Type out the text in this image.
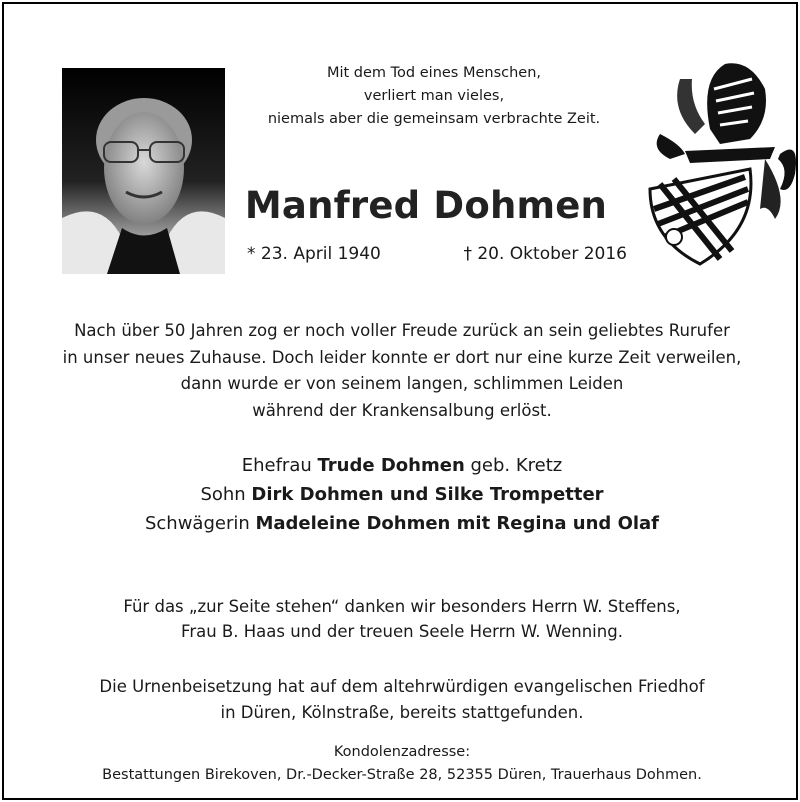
Mit dem Tod eines Menschen,
verliert man vieles,
niemals aber die gemeinsam verbrachte Zeit.
Manfred Dohmen
* 23. April 1940	† 20. Oktober 2016
Nach über 50 Jahren zog er noch voller Freude zurück an sein geliebtes Rurufer
in unser neues Zuhause. Doch leider konnte er dort nur eine kurze Zeit verweilen,
dann wurde er von seinem langen, schlimmen Leiden
während der Krankensalbung erlöst.
Ehefrau Trude Dohmen geb. Kretz
Sohn Dirk Dohmen und Silke Trompetter
Schwägerin Madeleine Dohmen mit Regina und Olaf
Für das „zur Seite stehen“ danken wir besonders Herrn W. Steffens,
Frau B. Haas und der treuen Seele Herrn W. Wenning.
Die Urnenbeisetzung hat auf dem altehrwürdigen evangelischen Friedhof
in Düren, Kölnstraße, bereits stattgefunden.
Kondolenzadresse:
Bestattungen Birekoven, Dr.-Decker-Straße 28, 52355 Düren, Trauerhaus Dohmen.
